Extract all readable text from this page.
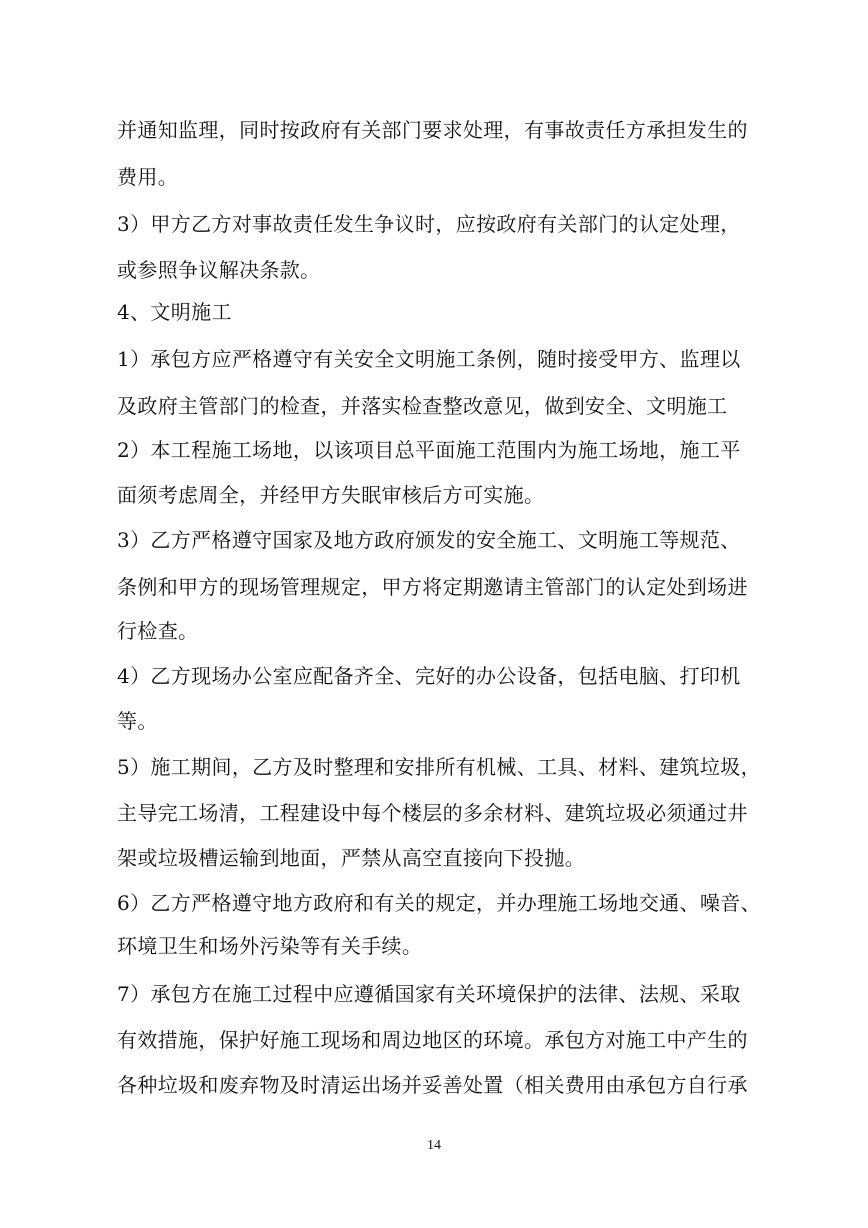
并通知监理，同时按政府有关部门要求处理，有事故责任方承担发生的
费用。
3）甲方乙方对事故责任发生争议时，应按政府有关部门的认定处理，
或参照争议解决条款。
4、文明施工
1）承包方应严格遵守有关安全文明施工条例，随时接受甲方、监理以
及政府主管部门的检查，并落实检查整改意见，做到安全、文明施工
2）本工程施工场地，以该项目总平面施工范围内为施工场地，施工平
面须考虑周全，并经甲方失眠审核后方可实施。
3）乙方严格遵守国家及地方政府颁发的安全施工、文明施工等规范、
条例和甲方的现场管理规定，甲方将定期邀请主管部门的认定处到场进
行检查。
4）乙方现场办公室应配备齐全、完好的办公设备，包括电脑、打印机
等。
5）施工期间，乙方及时整理和安排所有机械、工具、材料、建筑垃圾，
主导完工场清，工程建设中每个楼层的多余材料、建筑垃圾必须通过井
架或垃圾槽运输到地面，严禁从高空直接向下投抛。
6）乙方严格遵守地方政府和有关的规定，并办理施工场地交通、噪音、
环境卫生和场外污染等有关手续。
7）承包方在施工过程中应遵循国家有关环境保护的法律、法规、采取
有效措施，保护好施工现场和周边地区的环境。承包方对施工中产生的
各种垃圾和废弃物及时清运出场并妥善处置（相关费用由承包方自行承
14
